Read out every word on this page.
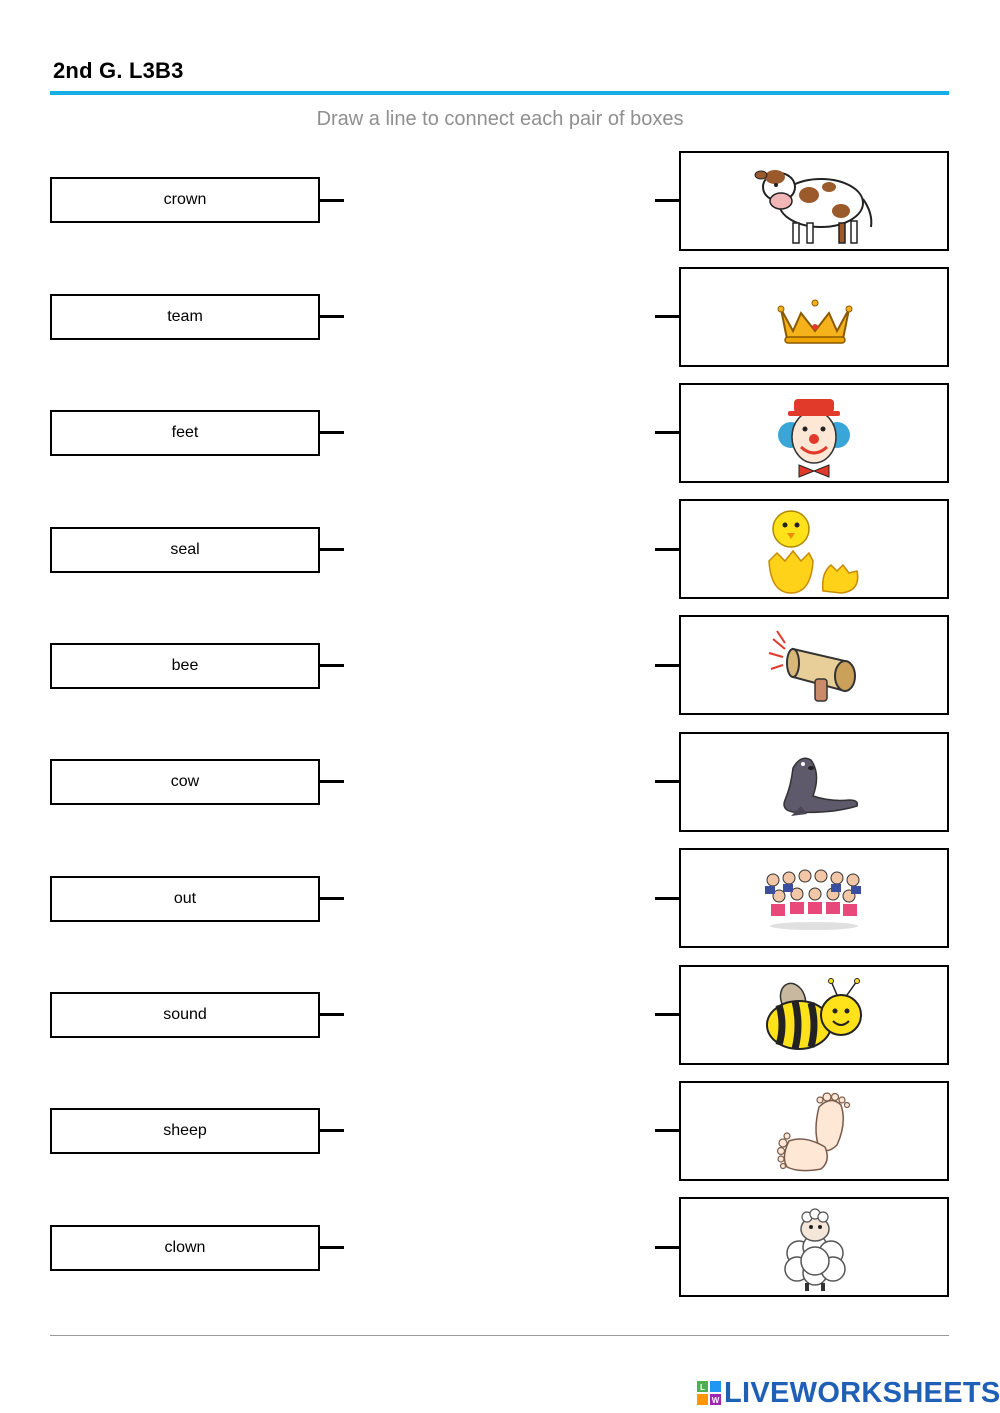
2nd G. L3B3
Draw a line to connect each pair of boxes
crown
team
feet
seal
bee
cow
out
sound
sheep
clown
L
W LIVEWORKSHEETS
